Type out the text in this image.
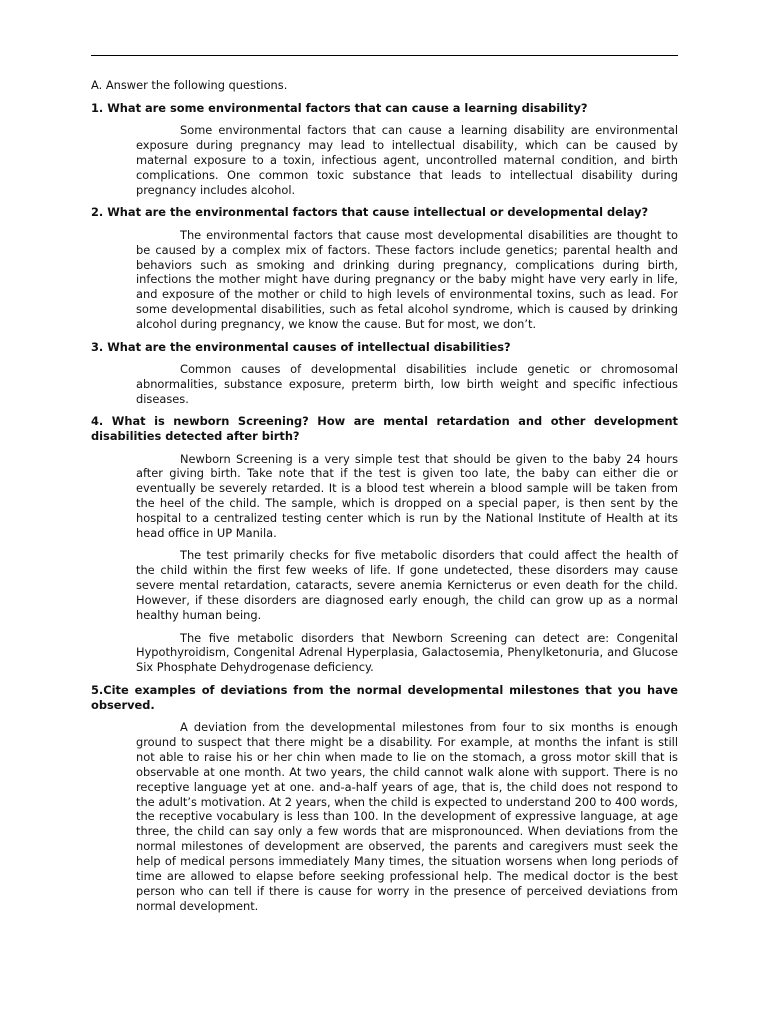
A. Answer the following questions.

1. What are some environmental factors that can cause a learning disability?

Some environmental factors that can cause a learning disability are environmental exposure during pregnancy may lead to intellectual disability, which can be caused by maternal exposure to a toxin, infectious agent, uncontrolled maternal condition, and birth complications. One common toxic substance that leads to intellectual disability during pregnancy includes alcohol.

2. What are the environmental factors that cause intellectual or developmental delay?

The environmental factors that cause most developmental disabilities are thought to be caused by a complex mix of factors. These factors include genetics; parental health and behaviors such as smoking and drinking during pregnancy, complications during birth, infections the mother might have during pregnancy or the baby might have very early in life, and exposure of the mother or child to high levels of environmental toxins, such as lead. For some developmental disabilities, such as fetal alcohol syndrome, which is caused by drinking alcohol during pregnancy, we know the cause. But for most, we don’t.

3. What are the environmental causes of intellectual disabilities?

Common causes of developmental disabilities include genetic or chromosomal abnormalities, substance exposure, preterm birth, low birth weight and specific infectious diseases.

4. What is newborn Screening? How are mental retardation and other development disabilities detected after birth?

Newborn Screening is a very simple test that should be given to the baby 24 hours after giving birth. Take note that if the test is given too late, the baby can either die or eventually be severely retarded. It is a blood test wherein a blood sample will be taken from the heel of the child. The sample, which is dropped on a special paper, is then sent by the hospital to a centralized testing center which is run by the National Institute of Health at its head office in UP Manila.

The test primarily checks for five metabolic disorders that could affect the health of the child within the first few weeks of life. If gone undetected, these disorders may cause severe mental retardation, cataracts, severe anemia Kernicterus or even death for the child. However, if these disorders are diagnosed early enough, the child can grow up as a normal healthy human being.

The five metabolic disorders that Newborn Screening can detect are: Congenital Hypothyroidism, Congenital Adrenal Hyperplasia, Galactosemia, Phenylketonuria, and Glucose Six Phosphate Dehydrogenase deficiency.

5.Cite examples of deviations from the normal developmental milestones that you have observed.

A deviation from the developmental milestones from four to six months is enough ground to suspect that there might be a disability. For example, at months the infant is still not able to raise his or her chin when made to lie on the stomach, a gross motor skill that is observable at one month. At two years, the child cannot walk alone with support. There is no receptive language yet at one. and-a-half years of age, that is, the child does not respond to the adult’s motivation. At 2 years, when the child is expected to understand 200 to 400 words, the receptive vocabulary is less than 100. In the development of expressive language, at age three, the child can say only a few words that are mispronounced. When deviations from the normal milestones of development are observed, the parents and caregivers must seek the help of medical persons immediately Many times, the situation worsens when long periods of time are allowed to elapse before seeking professional help. The medical doctor is the best person who can tell if there is cause for worry in the presence of perceived deviations from normal development.
